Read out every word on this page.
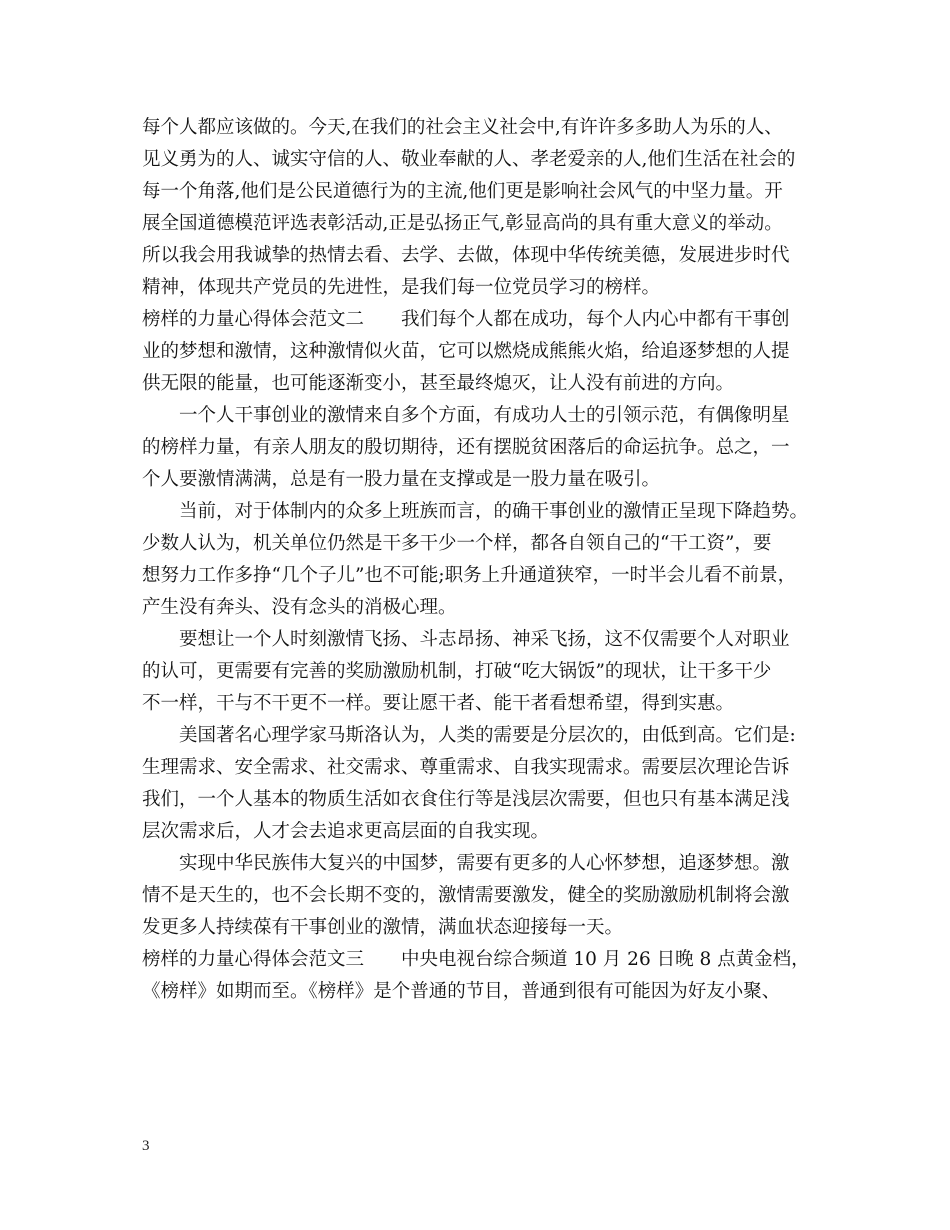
每个人都应该做的。今天,在我们的社会主义社会中,有许许多多助人为乐的人、
见义勇为的人、诚实守信的人、敬业奉献的人、孝老爱亲的人,他们生活在社会的
每一个角落,他们是公民道德行为的主流,他们更是影响社会风气的中坚力量。开
展全国道德模范评选表彰活动,正是弘扬正气,彰显高尚的具有重大意义的举动。
所以我会用我诚挚的热情去看、去学、去做，体现中华传统美德，发展进步时代
精神，体现共产党员的先进性，是我们每一位党员学习的榜样。
榜样的力量心得体会范文二　　我们每个人都在成功，每个人内心中都有干事创
业的梦想和激情，这种激情似火苗，它可以燃烧成熊熊火焰，给追逐梦想的人提
供无限的能量，也可能逐渐变小，甚至最终熄灭，让人没有前进的方向。
一个人干事创业的激情来自多个方面，有成功人士的引领示范，有偶像明星
的榜样力量，有亲人朋友的殷切期待，还有摆脱贫困落后的命运抗争。总之，一
个人要激情满满，总是有一股力量在支撑或是一股力量在吸引。
当前，对于体制内的众多上班族而言，的确干事创业的激情正呈现下降趋势。
少数人认为，机关单位仍然是干多干少一个样，都各自领自己的“干工资”，要
想努力工作多挣“几个子儿”也不可能;职务上升通道狭窄，一时半会儿看不前景，
产生没有奔头、没有念头的消极心理。
要想让一个人时刻激情飞扬、斗志昂扬、神采飞扬，这不仅需要个人对职业
的认可，更需要有完善的奖励激励机制，打破“吃大锅饭”的现状，让干多干少
不一样，干与不干更不一样。要让愿干者、能干者看想希望，得到实惠。
美国著名心理学家马斯洛认为，人类的需要是分层次的，由低到高。它们是:
生理需求、安全需求、社交需求、尊重需求、自我实现需求。需要层次理论告诉
我们，一个人基本的物质生活如衣食住行等是浅层次需要，但也只有基本满足浅
层次需求后，人才会去追求更高层面的自我实现。
实现中华民族伟大复兴的中国梦，需要有更多的人心怀梦想，追逐梦想。激
情不是天生的，也不会长期不变的，激情需要激发，健全的奖励激励机制将会激
发更多人持续葆有干事创业的激情，满血状态迎接每一天。
榜样的力量心得体会范文三　　中央电视台综合频道 10 月 26 日晚 8 点黄金档，
《榜样》如期而至。《榜样》是个普通的节目，普通到很有可能因为好友小聚、
3
